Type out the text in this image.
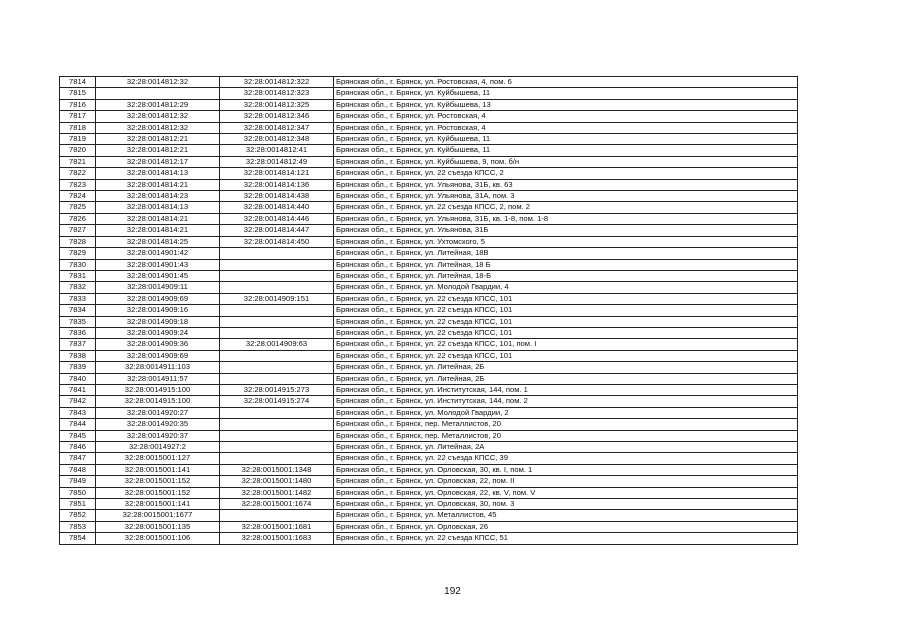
7814	32:28:0014812:32	32:28:0014812:322	Брянская обл., г. Брянск, ул. Ростовская, 4, пом. 6
7815		32:28:0014812:323	Брянская обл., г. Брянск, ул. Куйбышева, 11
7816	32:28:0014812:29	32:28:0014812:325	Брянская обл., г. Брянск, ул. Куйбышева, 13
7817	32:28:0014812:32	32:28:0014812:346	Брянская обл., г. Брянск, ул. Ростовская, 4
7818	32:28:0014812:32	32:28:0014812:347	Брянская обл., г. Брянск, ул. Ростовская, 4
7819	32:28:0014812:21	32:28:0014812:348	Брянская обл., г. Брянск, ул. Куйбышева, 11
7820	32:28:0014812:21	32:28:0014812:41	Брянская обл., г. Брянск, ул. Куйбышева, 11
7821	32:28:0014812:17	32:28:0014812:49	Брянская обл., г. Брянск, ул. Куйбышева, 9, пом. б/н
7822	32:28:0014814:13	32:28:0014814:121	Брянская обл., г. Брянск, ул. 22 съезда КПСС, 2
7823	32:28:0014814:21	32:28:0014814:136	Брянская обл., г. Брянск, ул. Ульянова, 31Б, кв. 63
7824	32:28:0014814:23	32:28:0014814:438	Брянская обл., г. Брянск, ул. Ульянова, 31А, пом. 3
7825	32:28:0014814:13	32:28:0014814:440	Брянская обл., г. Брянск, ул. 22 съезда КПСС, 2, пом. 2
7826	32:28:0014814:21	32:28:0014814:446	Брянская обл., г. Брянск, ул. Ульянова, 31Б, кв. 1-8, пом. 1-8
7827	32:28:0014814:21	32:28:0014814:447	Брянская обл., г. Брянск, ул. Ульянова, 31Б
7828	32:28:0014814:25	32:28:0014814:450	Брянская обл., г. Брянск, ул. Ухтомского, 5
7829	32:28:0014901:42		Брянская обл., г. Брянск, ул. Литейная, 18В
7830	32:28:0014901:43		Брянская обл., г. Брянск, ул. Литейная, 18 Б
7831	32:28:0014901:45		Брянская обл., г. Брянск, ул. Литейная, 18-Б
7832	32:28:0014909:11		Брянская обл., г. Брянск, ул. Молодой Гвардии, 4
7833	32:28:0014909:69	32:28:0014909:151	Брянская обл., г. Брянск, ул. 22 съезда КПСС, 101
7834	32:28:0014909:16		Брянская обл., г. Брянск, ул. 22 съезда КПСС, 101
7835	32:28:0014909:18		Брянская обл., г. Брянск, ул. 22 съезда КПСС, 101
7836	32:28:0014909:24		Брянская обл., г. Брянск, ул. 22 съезда КПСС, 101
7837	32:28:0014909:36	32:28:0014909:63	Брянская обл., г. Брянск, ул. 22 съезда КПСС, 101, пом. I
7838	32:28:0014909:69		Брянская обл., г. Брянск, ул. 22 съезда КПСС, 101
7839	32:28:0014911:103		Брянская обл., г. Брянск, ул. Литейная, 2Б
7840	32:28:0014911:57		Брянская обл., г. Брянск, ул. Литейная, 2Б
7841	32:28:0014915:100	32:28:0014915:273	Брянская обл., г. Брянск, ул. Институтская, 144, пом. 1
7842	32:28:0014915:100	32:28:0014915:274	Брянская обл., г. Брянск, ул. Институтская, 144, пом. 2
7843	32:28:0014920:27		Брянская обл., г. Брянск, ул. Молодой Гвардии, 2
7844	32:28:0014920:35		Брянская обл., г. Брянск, пер. Металлистов, 20
7845	32:28:0014920:37		Брянская обл., г. Брянск, пер. Металлистов, 20
7846	32:28:0014927:2		Брянская обл., г. Брянск, ул. Литейная, 2А
7847	32:28:0015001:127		Брянская обл., г. Брянск, ул. 22 съезда КПСС, 39
7848	32:28:0015001:141	32:28:0015001:1348	Брянская обл., г. Брянск, ул. Орловская, 30, кв. I, пом. 1
7849	32:28:0015001:152	32:28:0015001:1480	Брянская обл., г. Брянск, ул. Орловская, 22, пом. II
7850	32:28:0015001:152	32:28:0015001:1482	Брянская обл., г. Брянск, ул. Орловская, 22, кв. V, пом. V
7851	32:28:0015001:141	32:28:0015001:1674	Брянская обл., г. Брянск, ул. Орловская, 30, пом. 3
7852	32:28:0015001:1677		Брянская обл., г. Брянск, ул. Металлистов, 45
7853	32:28:0015001:135	32:28:0015001:1681	Брянская обл., г. Брянск, ул. Орловская, 26
7854	32:28:0015001:106	32:28:0015001:1683	Брянская обл., г. Брянск, ул. 22 съезда КПСС, 51
192
